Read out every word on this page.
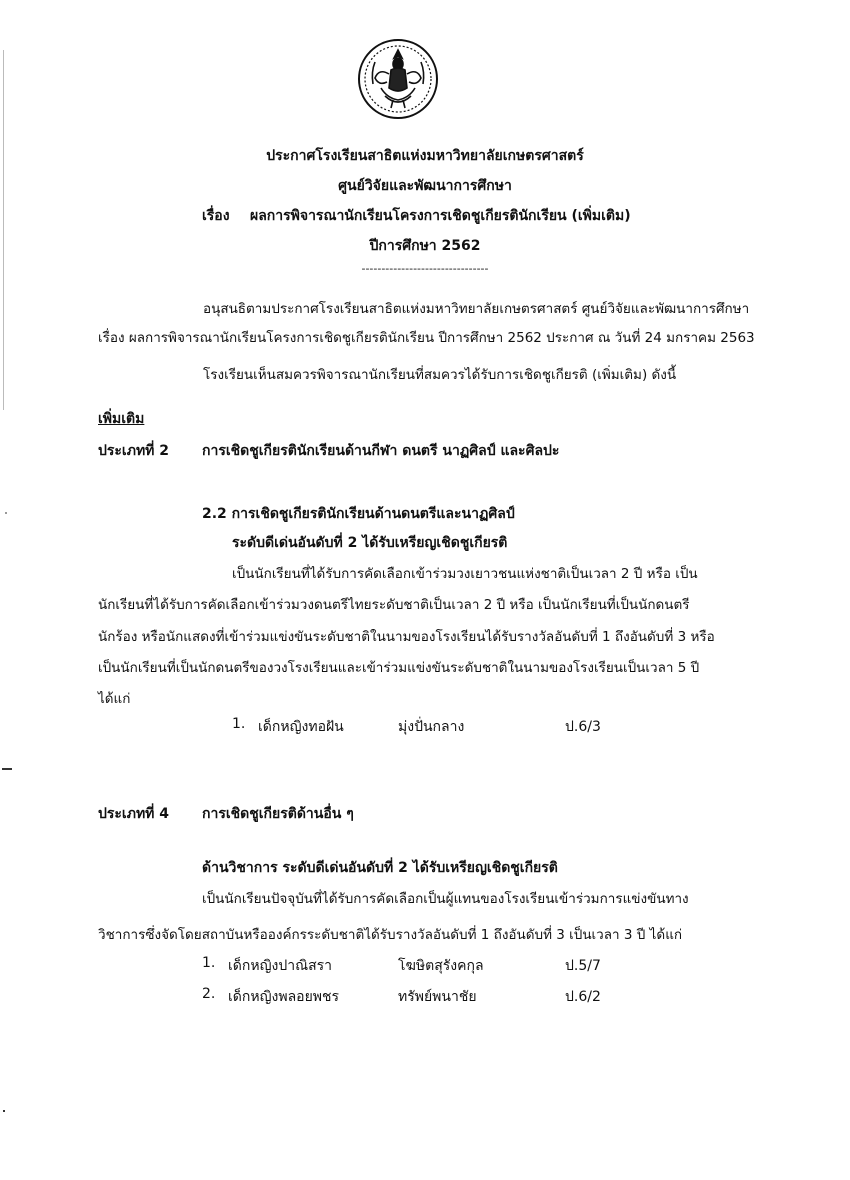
ประกาศโรงเรียนสาธิตแห่งมหาวิทยาลัยเกษตรศาสตร์
ศูนย์วิจัยและพัฒนาการศึกษา
เรื่อง ผลการพิจารณานักเรียนโครงการเชิดชูเกียรตินักเรียน (เพิ่มเติม)
ปีการศึกษา 2562
--------------------------------
อนุสนธิตามประกาศโรงเรียนสาธิตแห่งมหาวิทยาลัยเกษตรศาสตร์ ศูนย์วิจัยและพัฒนาการศึกษา
เรื่อง ผลการพิจารณานักเรียนโครงการเชิดชูเกียรตินักเรียน ปีการศึกษา 2562 ประกาศ ณ วันที่ 24 มกราคม 2563
โรงเรียนเห็นสมควรพิจารณานักเรียนที่สมควรได้รับการเชิดชูเกียรติ (เพิ่มเติม) ดังนี้
เพิ่มเติม
ประเภทที่ 2 การเชิดชูเกียรตินักเรียนด้านกีฬา ดนตรี นาฏศิลป์ และศิลปะ
2.2 การเชิดชูเกียรตินักเรียนด้านดนตรีและนาฏศิลป์
ระดับดีเด่นอันดับที่ 2 ได้รับเหรียญเชิดชูเกียรติ
เป็นนักเรียนที่ได้รับการคัดเลือกเข้าร่วมวงเยาวชนแห่งชาติเป็นเวลา 2 ปี หรือ เป็น
นักเรียนที่ได้รับการคัดเลือกเข้าร่วมวงดนตรีไทยระดับชาติเป็นเวลา 2 ปี หรือ เป็นนักเรียนที่เป็นนักดนตรี
นักร้อง หรือนักแสดงที่เข้าร่วมแข่งขันระดับชาติในนามของโรงเรียนได้รับรางวัลอันดับที่ 1 ถึงอันดับที่ 3 หรือ
เป็นนักเรียนที่เป็นนักดนตรีของวงโรงเรียนและเข้าร่วมแข่งขันระดับชาติในนามของโรงเรียนเป็นเวลา 5 ปี
ได้แก่
1. เด็กหญิงทอฝัน	มุ่งปั่นกลาง	ป.6/3
ประเภทที่ 4 การเชิดชูเกียรติด้านอื่น ๆ
ด้านวิชาการ ระดับดีเด่นอันดับที่ 2 ได้รับเหรียญเชิดชูเกียรติ
เป็นนักเรียนปัจจุบันที่ได้รับการคัดเลือกเป็นผู้แทนของโรงเรียนเข้าร่วมการแข่งขันทาง
วิชาการซึ่งจัดโดยสถาบันหรือองค์กรระดับชาติได้รับรางวัลอันดับที่ 1 ถึงอันดับที่ 3 เป็นเวลา 3 ปี ได้แก่
1. เด็กหญิงปาณิสรา	โฆษิตสุรังคกุล	ป.5/7
2. เด็กหญิงพลอยพชร	ทรัพย์พนาชัย	ป.6/2
